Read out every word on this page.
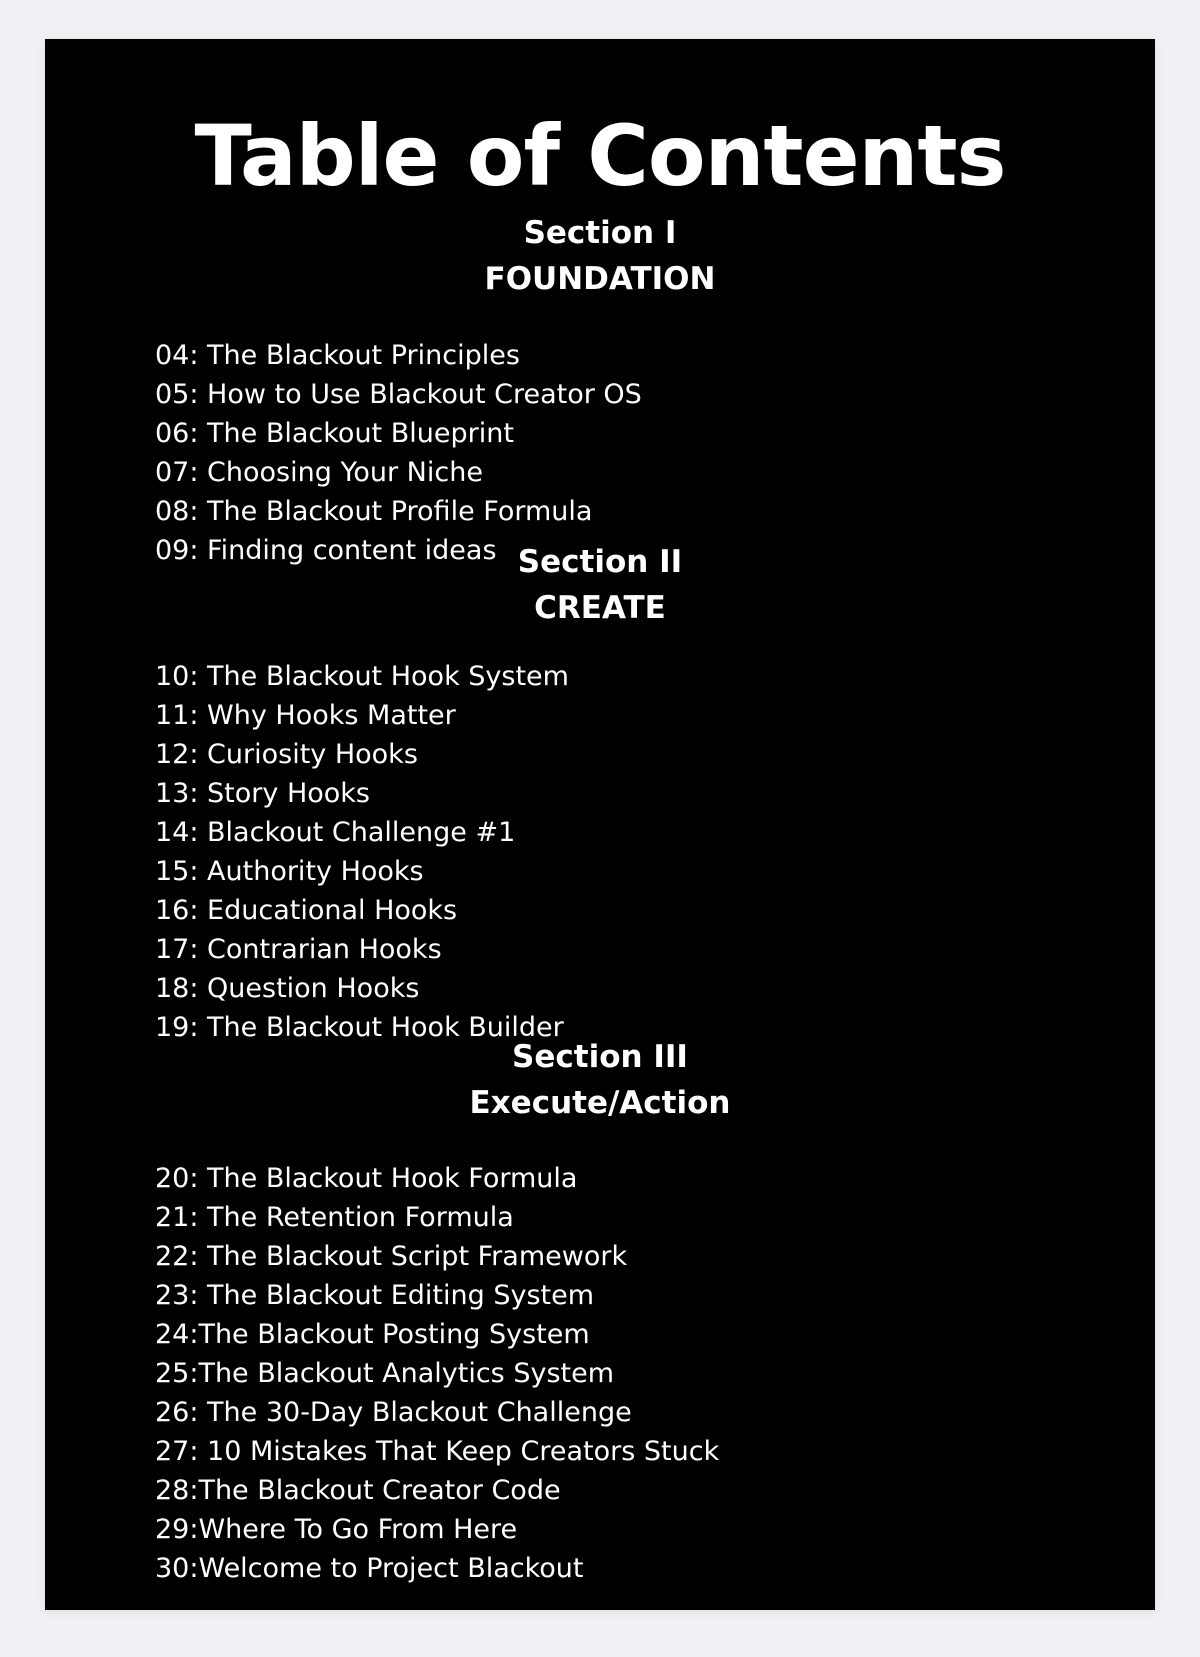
Table of Contents
Section I
FOUNDATION
04: The Blackout Principles
05: How to Use Blackout Creator OS
06: The Blackout Blueprint
07: Choosing Your Niche
08: The Blackout Profile Formula
09: Finding content ideas Section II
CREATE
10: The Blackout Hook System
11: Why Hooks Matter
12: Curiosity Hooks
13: Story Hooks
14: Blackout Challenge #1
15: Authority Hooks
16: Educational Hooks
17: Contrarian Hooks
18: Question Hooks
19: The Blackout Hook Builder
Section III
Execute/Action
20: The Blackout Hook Formula
21: The Retention Formula
22: The Blackout Script Framework
23: The Blackout Editing System
24:The Blackout Posting System
25:The Blackout Analytics System
26: The 30-Day Blackout Challenge
27: 10 Mistakes That Keep Creators Stuck
28:The Blackout Creator Code
29:Where To Go From Here
30:Welcome to Project Blackout
